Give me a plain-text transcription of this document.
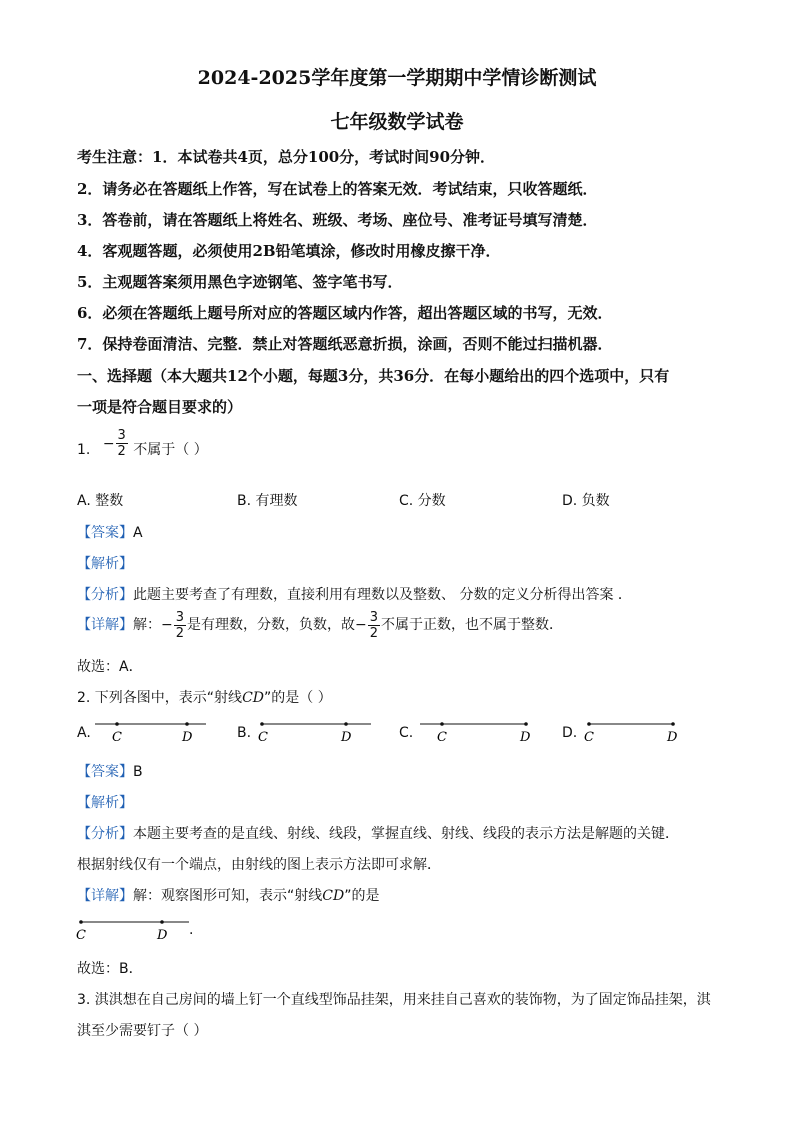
2024-2025学年度第一学期期中学情诊断测试
七年级数学试卷
考生注意：1．本试卷共4页，总分100分，考试时间90分钟．
2．请务必在答题纸上作答，写在试卷上的答案无效．考试结束，只收答题纸．
3．答卷前，请在答题纸上将姓名、班级、考场、座位号、准考证号填写清楚．
4．客观题答题，必须使用2B铅笔填涂，修改时用橡皮擦干净．
5．主观题答案须用黑色字迹钢笔、签字笔书写．
6．必须在答题纸上题号所对应的答题区域内作答，超出答题区域的书写，无效．
7．保持卷面清洁、完整．禁止对答题纸恶意折损，涂画，否则不能过扫描机器．
一、选择题（本大题共12个小题，每题3分，共36分．在每小题给出的四个选项中，只有
一项是符合题目要求的）
1. − $\frac{3}{2}$ 不属于（ ）
A. 整数	B. 有理数	C. 分数	D. 负数
【答案】A
【解析】
【分析】此题主要考查了有理数，直接利用有理数以及整数、 分数的定义分析得出答案 ．
【详解】解：− $\frac{3}{2}$ 是有理数，分数，负数，故− $\frac{3}{2}$ 不属于正数，也不属于整数．
故选：A．
2. 下列各图中，表示“射线CD”的是（ ）
A. C	D	B. C	D	C. C	D D. C	D
【答案】B
【解析】
【分析】本题主要考查的是直线、射线、线段，掌握直线、射线、线段的表示方法是解题的关键．
根据射线仅有一个端点，由射线的图上表示方法即可求解．
【详解】解：观察图形可知，表示“射线CD”的是
C	D .
故选：B．
3. 淇淇想在自己房间的墙上钉一个直线型饰品挂架，用来挂自己喜欢的装饰物，为了固定饰品挂架，淇
淇至少需要钉子（ ）
